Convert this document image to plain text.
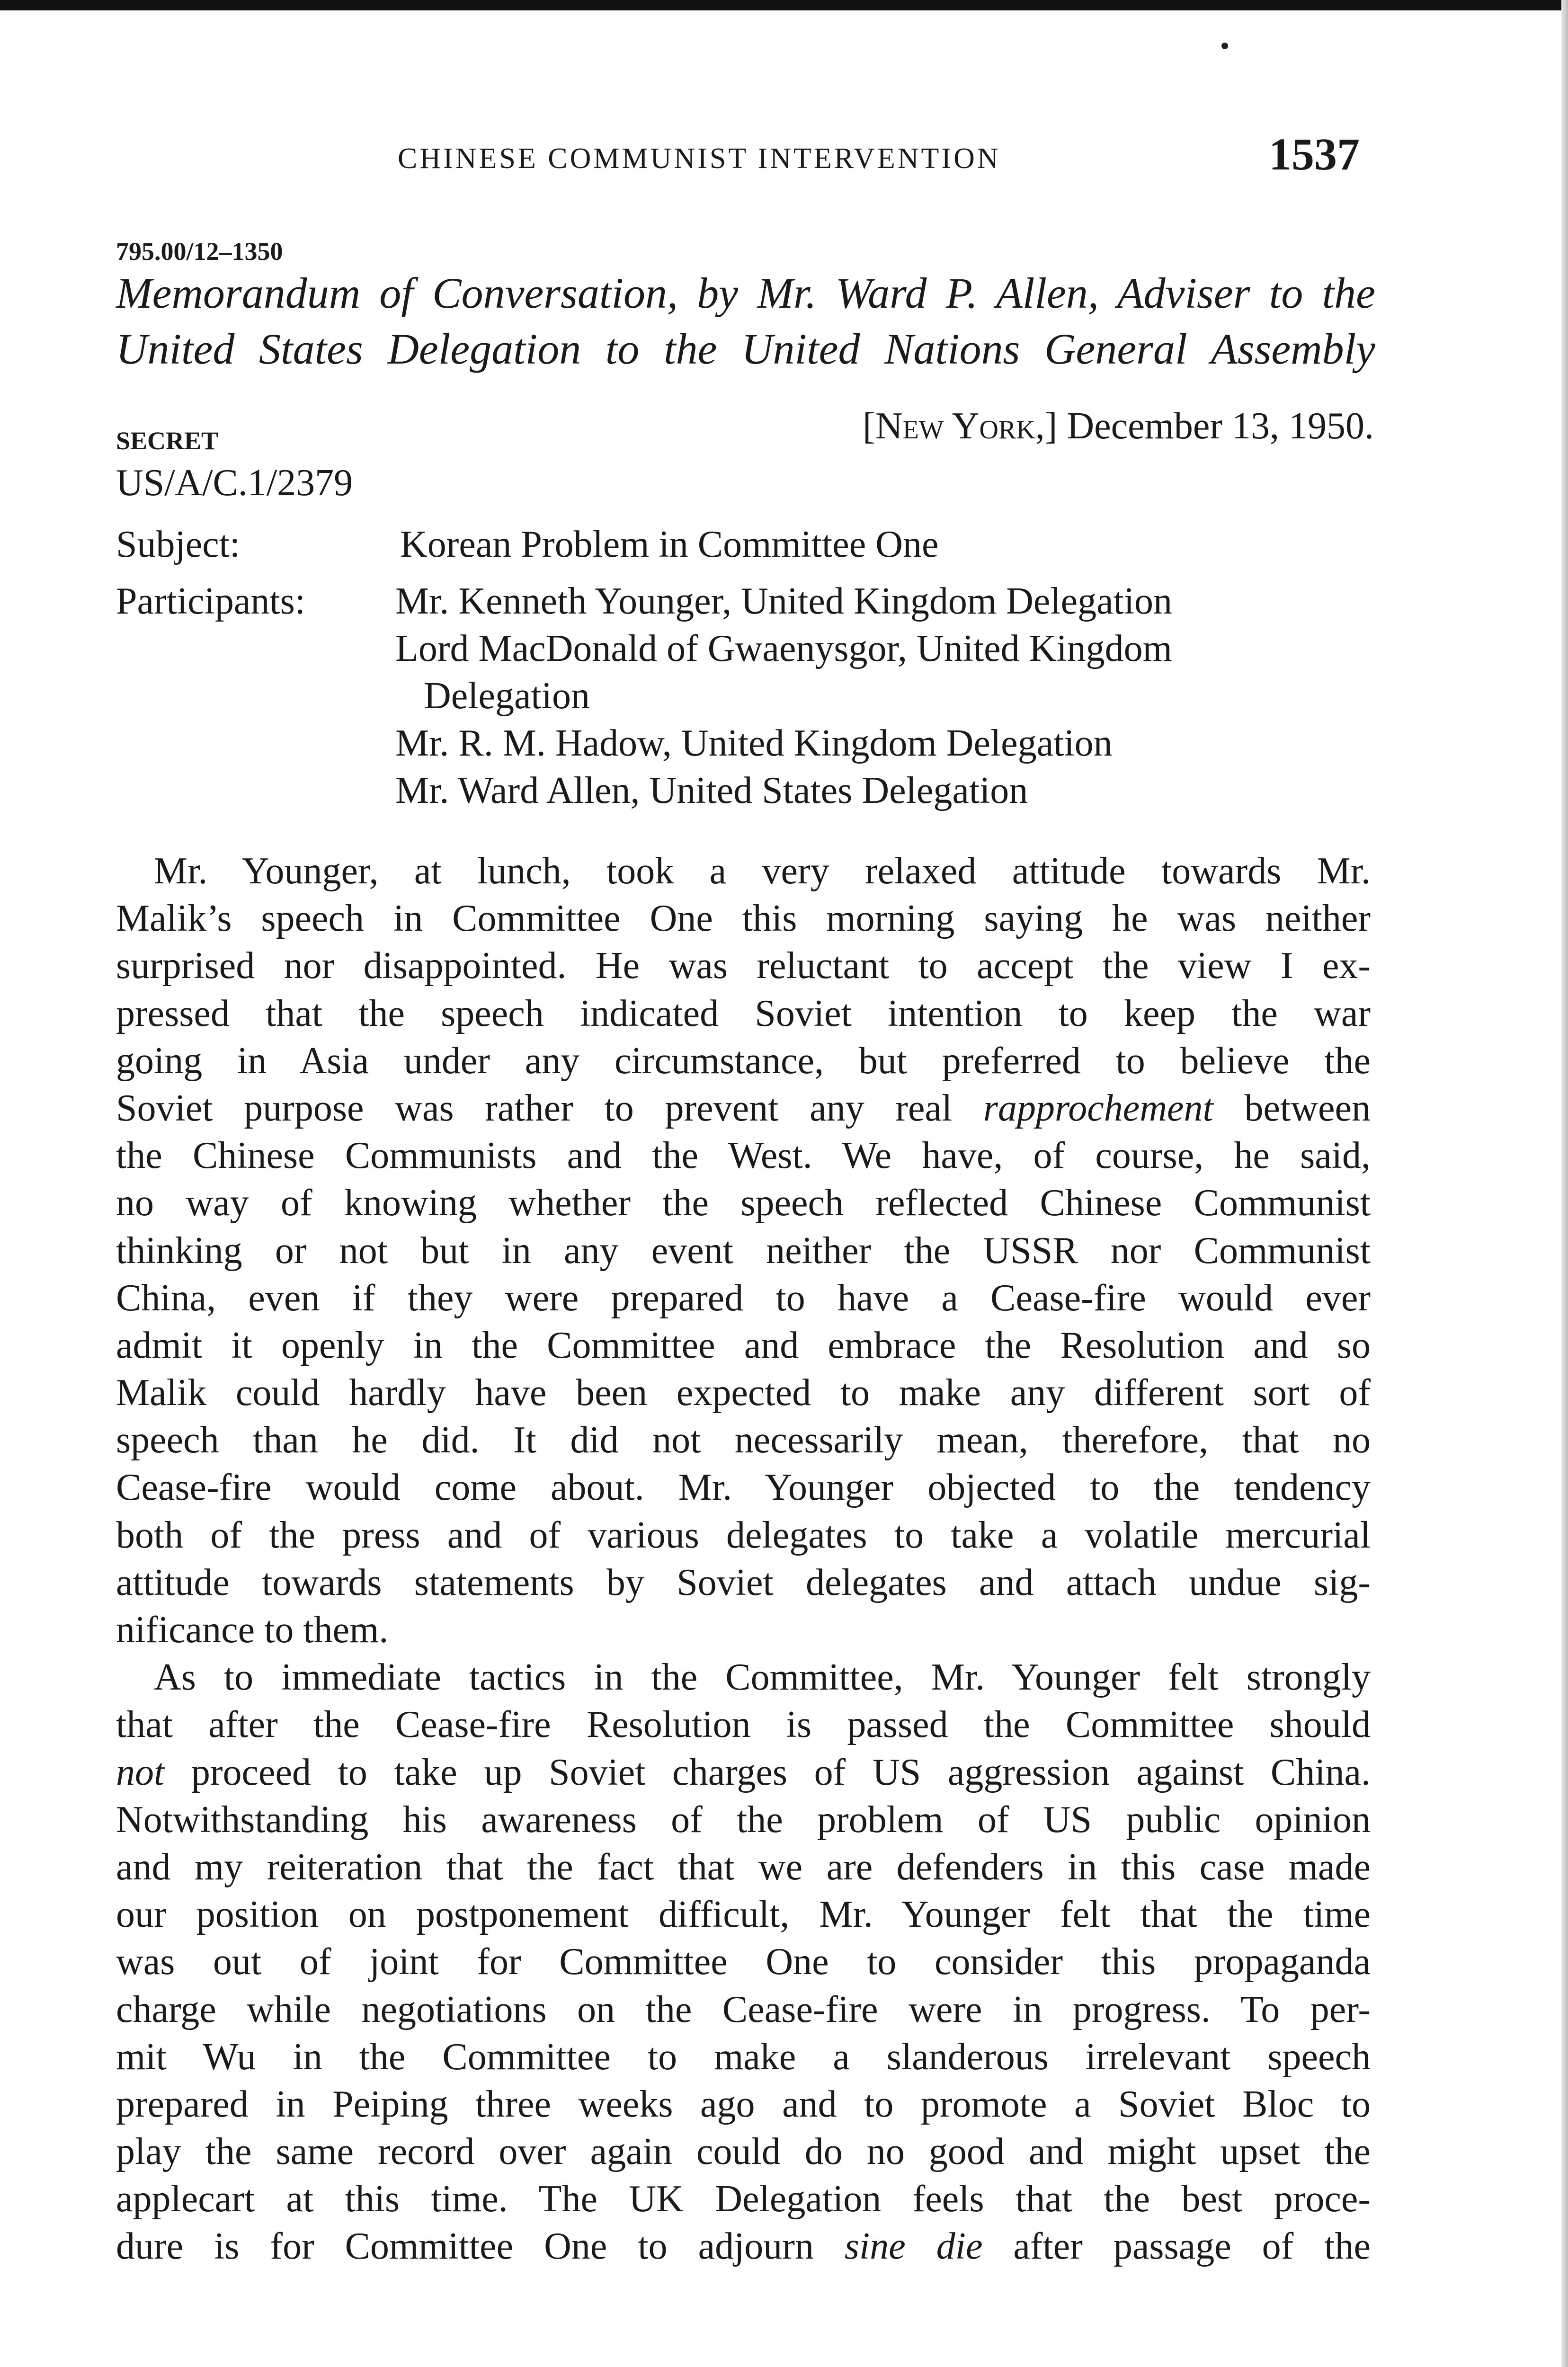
CHINESE COMMUNIST INTERVENTION	1537
795.00/12–1350
Memorandum of Conversation, by Mr. Ward P. Allen, Adviser to the
United States Delegation to the United Nations General Assembly
SECRET	[New York,] December 13, 1950.
US/A/C.1/2379
Subject:	Korean Problem in Committee One
Participants: Mr. Kenneth Younger, United Kingdom Delegation
Lord MacDonald of Gwaenysgor, United Kingdom
Delegation
Mr. R. M. Hadow, United Kingdom Delegation
Mr. Ward Allen, United States Delegation
Mr. Younger, at lunch, took a very relaxed attitude towards Mr.
Malik’s speech in Committee One this morning saying he was neither
surprised nor disappointed. He was reluctant to accept the view I ex-
pressed that the speech indicated Soviet intention to keep the war
going in Asia under any circumstance, but preferred to believe the
Soviet purpose was rather to prevent any real rapprochement between
the Chinese Communists and the West. We have, of course, he said,
no way of knowing whether the speech reflected Chinese Communist
thinking or not but in any event neither the USSR nor Communist
China, even if they were prepared to have a Cease-fire would ever
admit it openly in the Committee and embrace the Resolution and so
Malik could hardly have been expected to make any different sort of
speech than he did. It did not necessarily mean, therefore, that no
Cease-fire would come about. Mr. Younger objected to the tendency
both of the press and of various delegates to take a volatile mercurial
attitude towards statements by Soviet delegates and attach undue sig-
nificance to them.
As to immediate tactics in the Committee, Mr. Younger felt strongly
that after the Cease-fire Resolution is passed the Committee should
not proceed to take up Soviet charges of US aggression against China.
Notwithstanding his awareness of the problem of US public opinion
and my reiteration that the fact that we are defenders in this case made
our position on postponement difficult, Mr. Younger felt that the time
was out of joint for Committee One to consider this propaganda
charge while negotiations on the Cease-fire were in progress. To per-
mit Wu in the Committee to make a slanderous irrelevant speech
prepared in Peiping three weeks ago and to promote a Soviet Bloc to
play the same record over again could do no good and might upset the
applecart at this time. The UK Delegation feels that the best proce-
dure is for Committee One to adjourn sine die after passage of the
